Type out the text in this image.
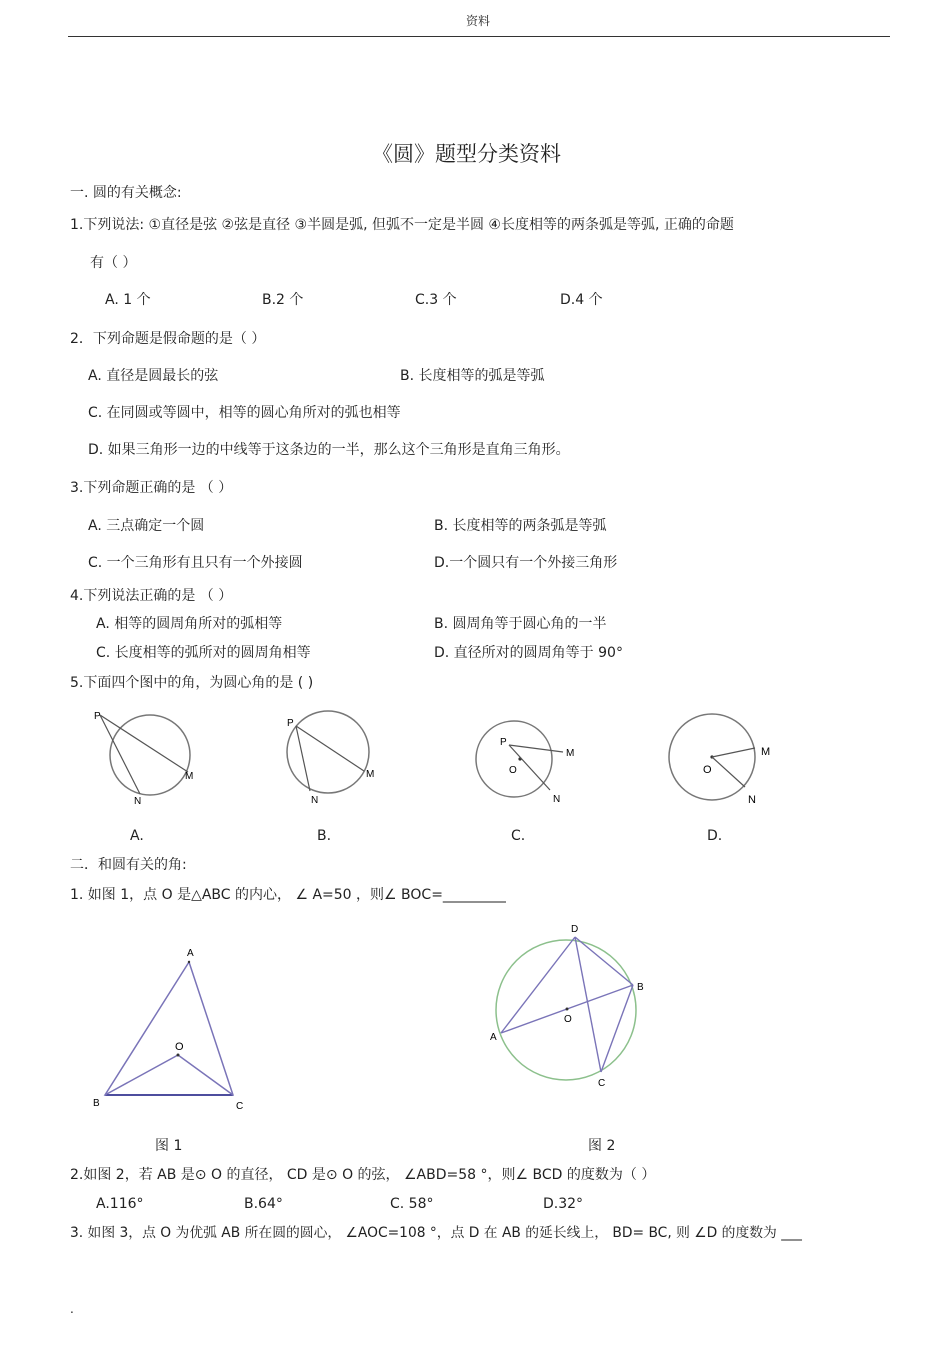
资料
《圆》题型分类资料
一. 圆的有关概念:
1.下列说法: ①直径是弦 ②弦是直径 ③半圆是弧, 但弧不一定是半圆 ④长度相等的两条弧是等弧, 正确的命题
有（ ）
A. 1 个	B.2 个	C.3 个	D.4 个
2．下列命题是假命题的是（ ）
A. 直径是圆最长的弦	B. 长度相等的弧是等弧
C. 在同圆或等圆中，相等的圆心角所对的弧也相等
D. 如果三角形一边的中线等于这条边的一半，那么这个三角形是直角三角形。
3.下列命题正确的是 （ ）
A. 三点确定一个圆	B. 长度相等的两条弧是等弧
C. 一个三角形有且只有一个外接圆	D.一个圆只有一个外接三角形
4.下列说法正确的是 （ ）
A. 相等的圆周角所对的弧相等	B. 圆周角等于圆心角的一半
C. 长度相等的弧所对的圆周角相等	D. 直径所对的圆周角等于 90°
5.下面四个图中的角，为圆心角的是 ( )
P
M
N
P
M
N
P
M
O
N
M
O
N
A.	B.	C.	D.
二．和圆有关的角:
1. 如图 1，点 O 是△ABC 的内心， ∠ A=50 ，则∠ BOC=_________
A
O
B	C
D
B
O
A
C
图 1	图 2
2.如图 2，若 AB 是⊙ O 的直径， CD 是⊙ O 的弦， ∠ABD=58 °，则∠ BCD 的度数为（ ）
A.116°	B.64°	C. 58°	D.32°
3. 如图 3，点 O 为优弧 AB 所在圆的圆心， ∠AOC=108 °，点 D 在 AB 的延长线上， BD= BC, 则 ∠D 的度数为 ___
.
